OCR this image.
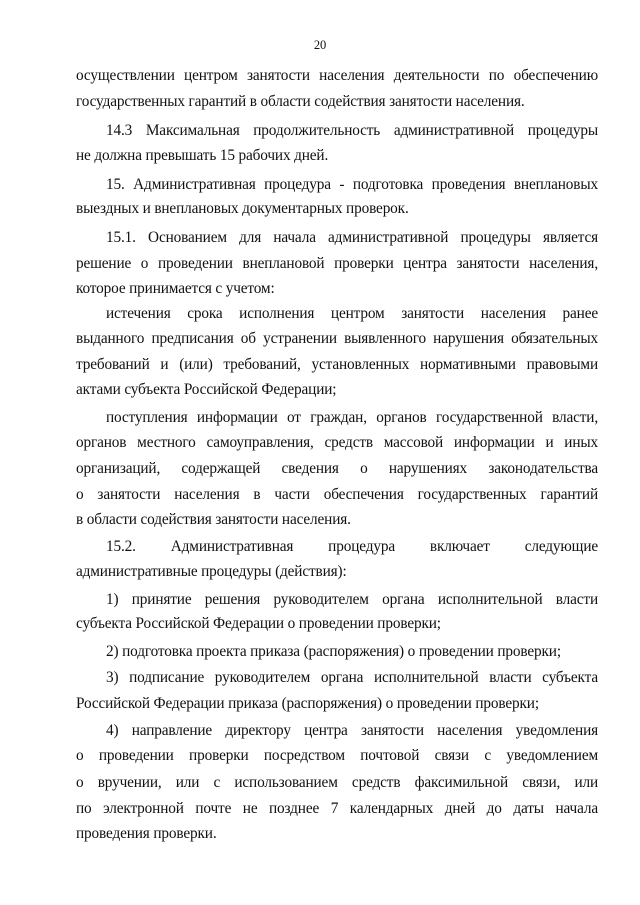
20
осуществлении центром занятости населения деятельности по обеспечению
государственных гарантий в области содействия занятости населения.
14.3 Максимальная продолжительность административной процедуры
не должна превышать 15 рабочих дней.
15. Административная процедура - подготовка проведения внеплановых
выездных и внеплановых документарных проверок.
15.1. Основанием для начала административной процедуры является
решение о проведении внеплановой проверки центра занятости населения,
которое принимается с учетом:
истечения срока исполнения центром занятости населения ранее
выданного предписания об устранении выявленного нарушения обязательных
требований и (или) требований, установленных нормативными правовыми
актами субъекта Российской Федерации;
поступления информации от граждан, органов государственной власти,
органов местного самоуправления, средств массовой информации и иных
организаций, содержащей сведения о нарушениях законодательства
о занятости населения в части обеспечения государственных гарантий
в области содействия занятости населения.
15.2. Административная процедура включает следующие
административные процедуры (действия):
1) принятие решения руководителем органа исполнительной власти
субъекта Российской Федерации о проведении проверки;
2) подготовка проекта приказа (распоряжения) о проведении проверки;
3) подписание руководителем органа исполнительной власти субъекта
Российской Федерации приказа (распоряжения) о проведении проверки;
4) направление директору центра занятости населения уведомления
о проведении проверки посредством почтовой связи с уведомлением
о вручении, или с использованием средств факсимильной связи, или
по электронной почте не позднее 7 календарных дней до даты начала
проведения проверки.
